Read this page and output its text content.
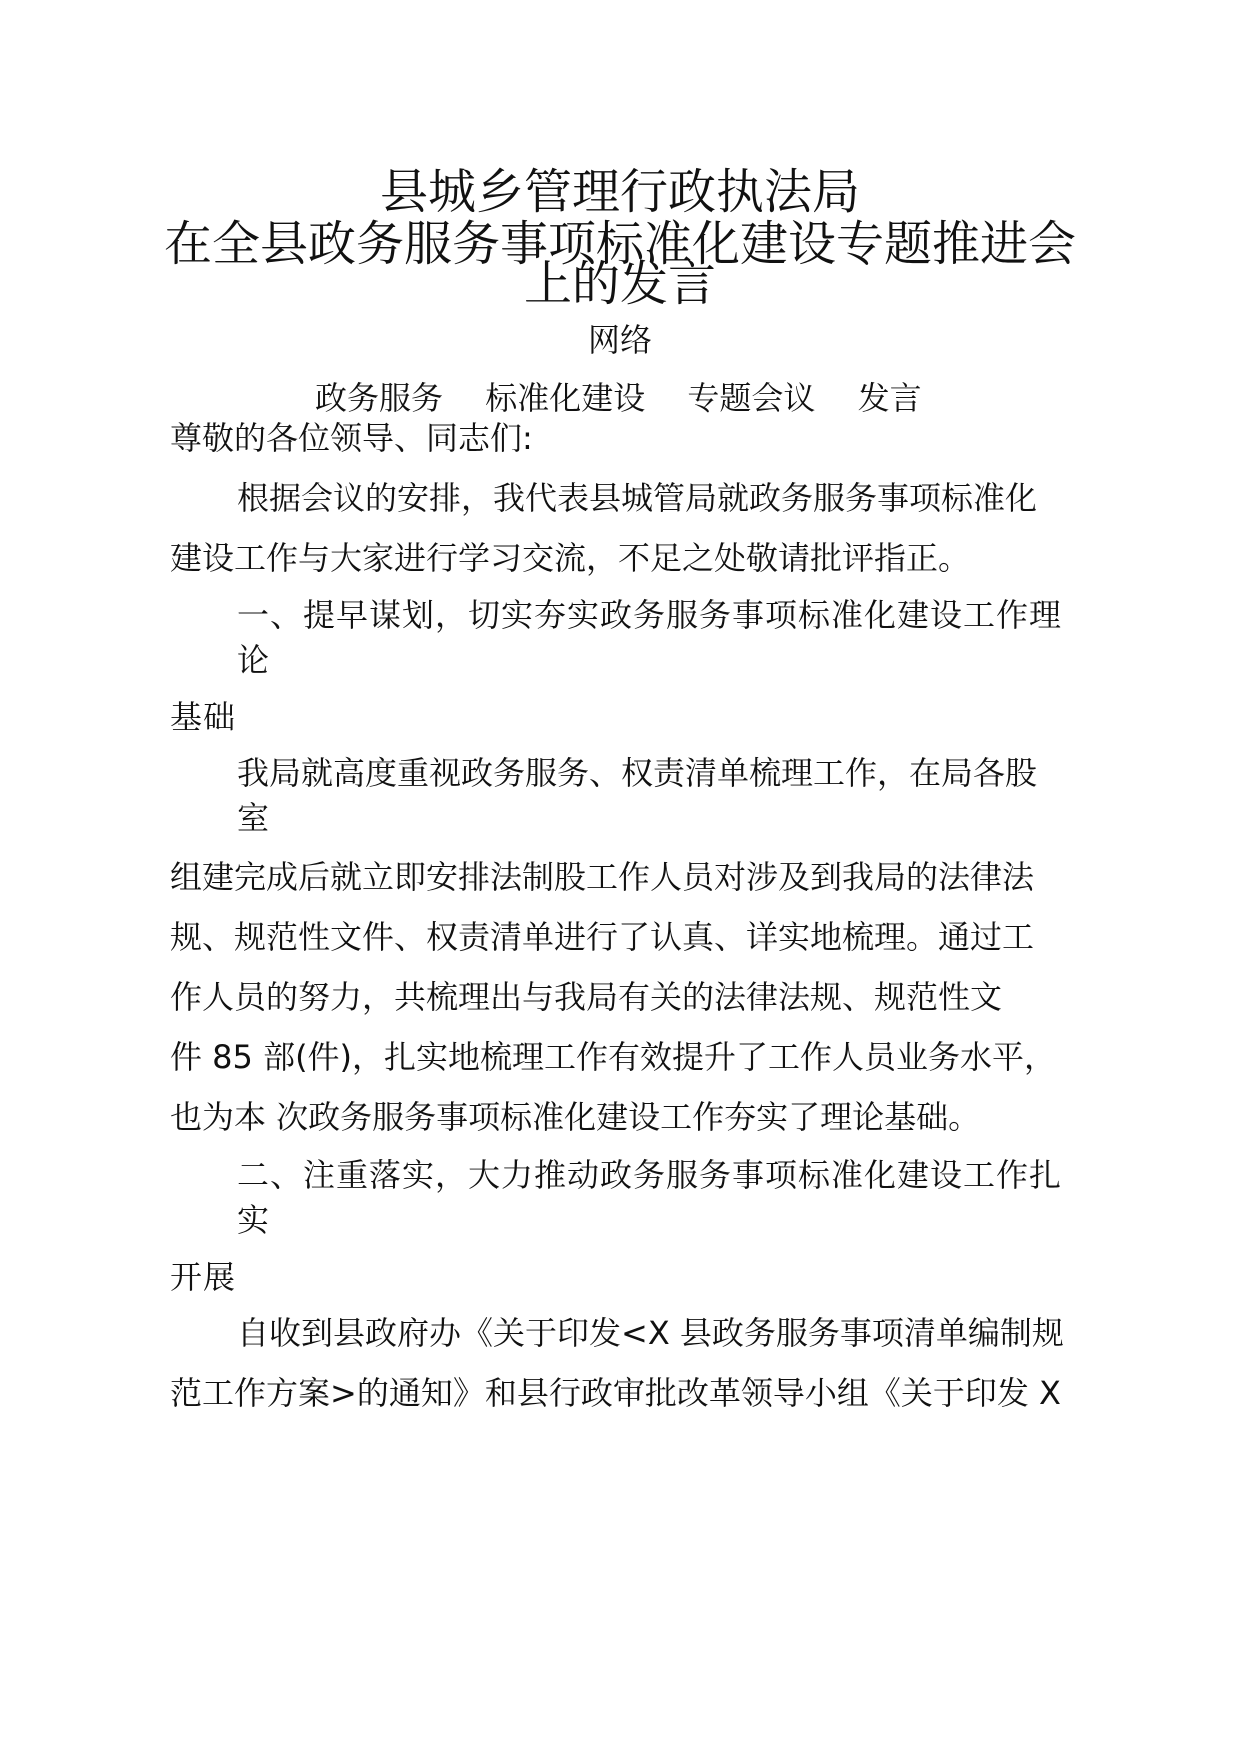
县城乡管理行政执法局
在全县政务服务事项标准化建设专题推进会
上的发言
网络
政务服务 标准化建设 专题会议 发言
尊敬的各位领导、同志们:
根据会议的安排，我代表县城管局就政务服务事项标准化
建设工作与大家进行学习交流，不足之处敬请批评指正。
一、提早谋划，切实夯实政务服务事项标准化建设工作理
论
基础
我局就高度重视政务服务、权责清单梳理工作，在局各股
室
组建完成后就立即安排法制股工作人员对涉及到我局的法律法
规、规范性文件、权责清单进行了认真、详实地梳理。通过工
作人员的努力，共梳理出与我局有关的法律法规、规范性文
件 85 部(件)，扎实地梳理工作有效提升了工作人员业务水平，
也为本 次政务服务事项标准化建设工作夯实了理论基础。
二、注重落实，大力推动政务服务事项标准化建设工作扎
实
开展
自收到县政府办《关于印发<X 县政务服务事项清单编制规
范工作方案>的通知》和县行政审批改革领导小组《关于印发 X
